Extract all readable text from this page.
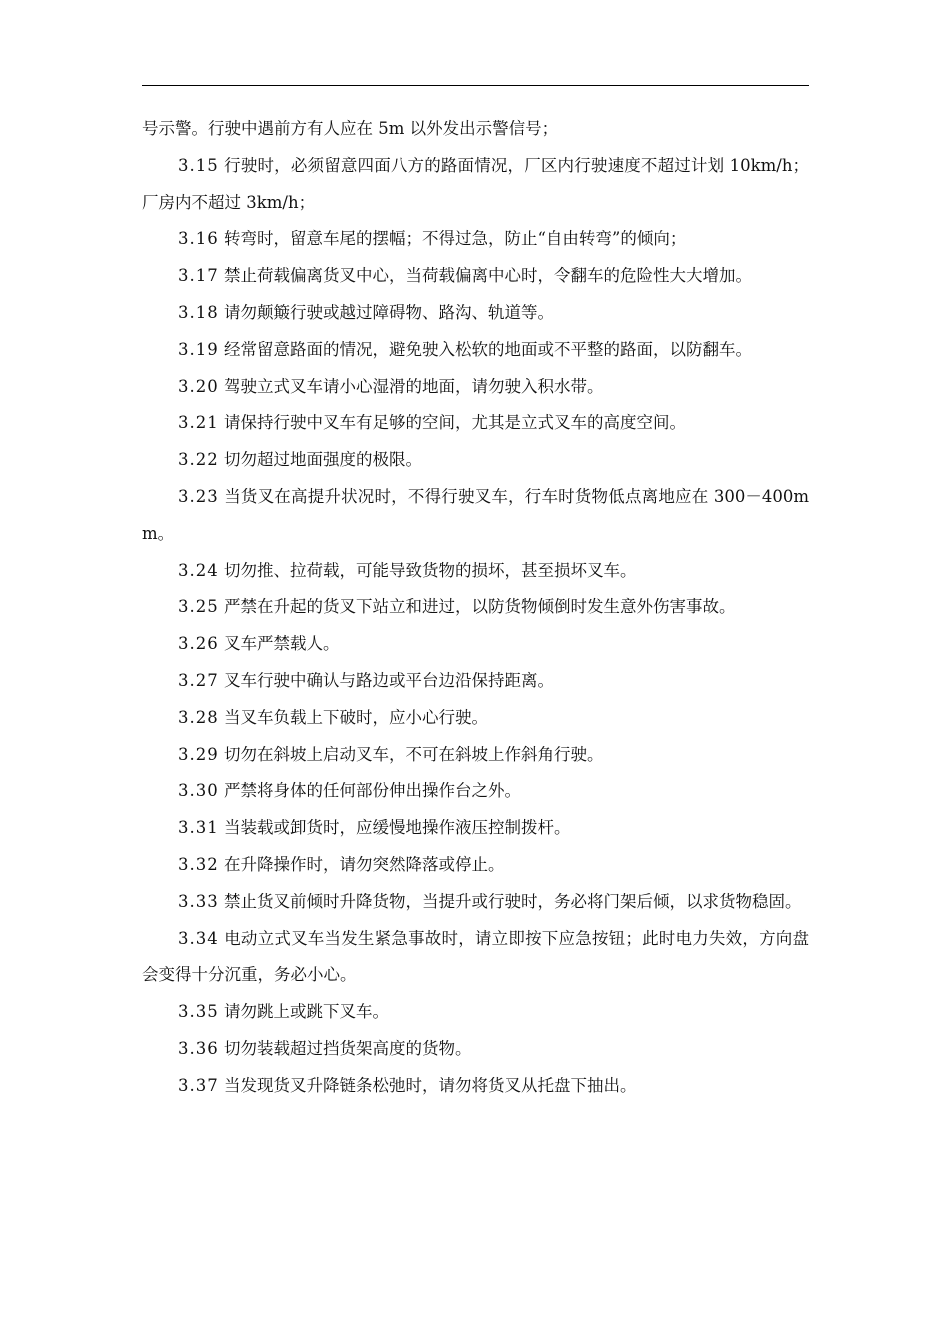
号示警。行驶中遇前方有人应在 5m 以外发出示警信号；

3.15 行驶时，必须留意四面八方的路面情况，厂区内行驶速度不超过计划 10km/h；厂房内不超过 3km/h；

3.16 转弯时，留意车尾的摆幅；不得过急，防止“自由转弯”的倾向；

3.17 禁止荷载偏离货叉中心，当荷载偏离中心时，令翻车的危险性大大增加。

3.18 请勿颠簸行驶或越过障碍物、路沟、轨道等。

3.19 经常留意路面的情况，避免驶入松软的地面或不平整的路面，以防翻车。

3.20 驾驶立式叉车请小心湿滑的地面，请勿驶入积水带。

3.21 请保持行驶中叉车有足够的空间，尤其是立式叉车的高度空间。

3.22 切勿超过地面强度的极限。

3.23 当货叉在高提升状况时，不得行驶叉车，行车时货物低点离地应在 300－400mm。

3.24 切勿推、拉荷载，可能导致货物的损坏，甚至损坏叉车。

3.25 严禁在升起的货叉下站立和进过，以防货物倾倒时发生意外伤害事故。

3.26 叉车严禁载人。

3.27 叉车行驶中确认与路边或平台边沿保持距离。

3.28 当叉车负载上下破时，应小心行驶。

3.29 切勿在斜坡上启动叉车，不可在斜坡上作斜角行驶。

3.30 严禁将身体的任何部份伸出操作台之外。

3.31 当装载或卸货时，应缓慢地操作液压控制拨杆。

3.32 在升降操作时，请勿突然降落或停止。

3.33 禁止货叉前倾时升降货物，当提升或行驶时，务必将门架后倾，以求货物稳固。

3.34 电动立式叉车当发生紧急事故时，请立即按下应急按钮；此时电力失效，方向盘会变得十分沉重，务必小心。

3.35 请勿跳上或跳下叉车。

3.36 切勿装载超过挡货架高度的货物。

3.37 当发现货叉升降链条松弛时，请勿将货叉从托盘下抽出。
